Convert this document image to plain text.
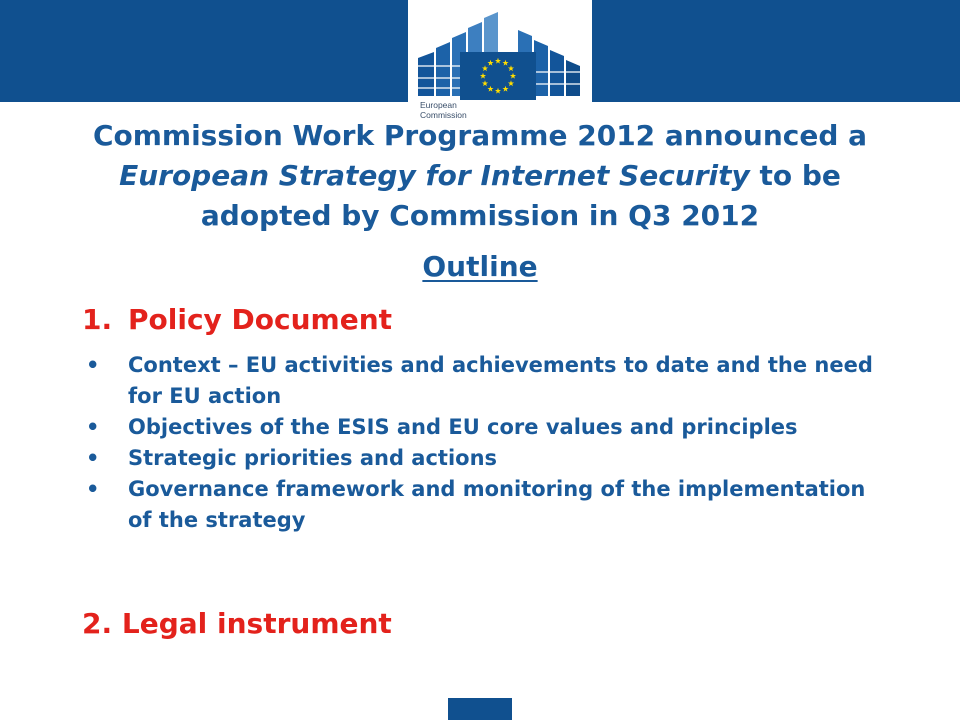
European
Commission
Commission Work Programme 2012 announced a
European Strategy for Internet Security to be
adopted by Commission in Q3 2012
Outline
1. Policy Document
• Context – EU activities and achievements to date and the need for EU action
• Objectives of the ESIS and EU core values and principles
• Strategic priorities and actions
• Governance framework and monitoring of the implementation of the strategy
2. Legal instrument
